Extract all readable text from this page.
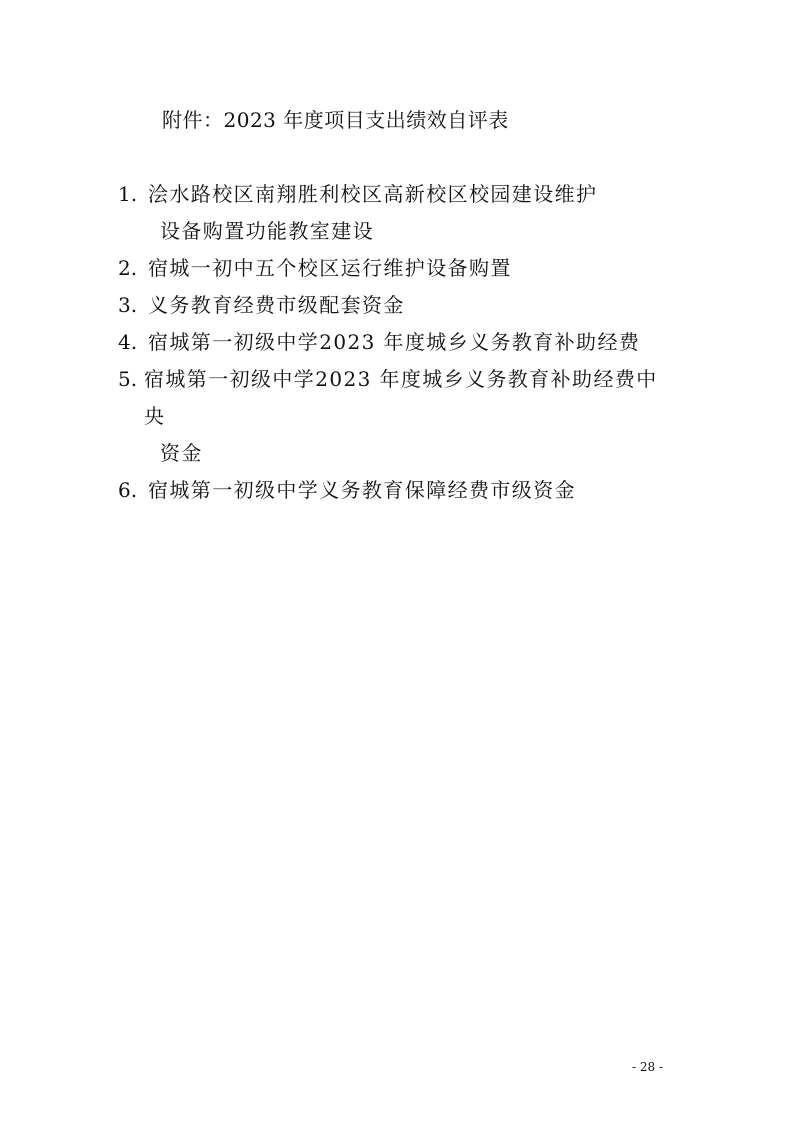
附件：2023 年度项目支出绩效自评表
1. 浍水路校区南翔胜利校区高新校区校园建设维护
设备购置功能教室建设
2. 宿城一初中五个校区运行维护设备购置
3. 义务教育经费市级配套资金
4. 宿城第一初级中学2023 年度城乡义务教育补助经费
5. 宿城第一初级中学2023 年度城乡义务教育补助经费中央
资金
6. 宿城第一初级中学义务教育保障经费市级资金
- 28 -
